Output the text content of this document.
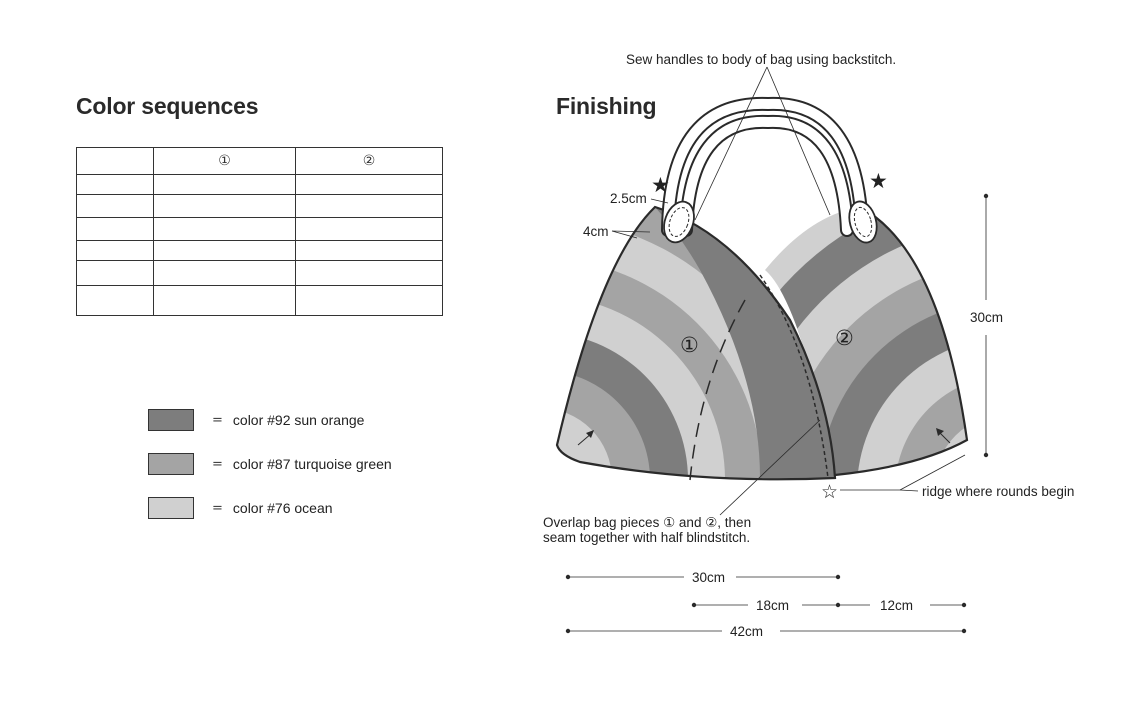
Color sequences
	①	②

= color #92 sun orange
= color #87 turquoise green
= color #76 ocean
Finishing
★	★
☆
①	②
Sew handles to body of bag using backstitch.
2.5cm
4cm
30cm
ridge where rounds begin
Overlap bag pieces ① and ②, then
seam together with half blindstitch.
30cm
18cm	12cm
42cm
